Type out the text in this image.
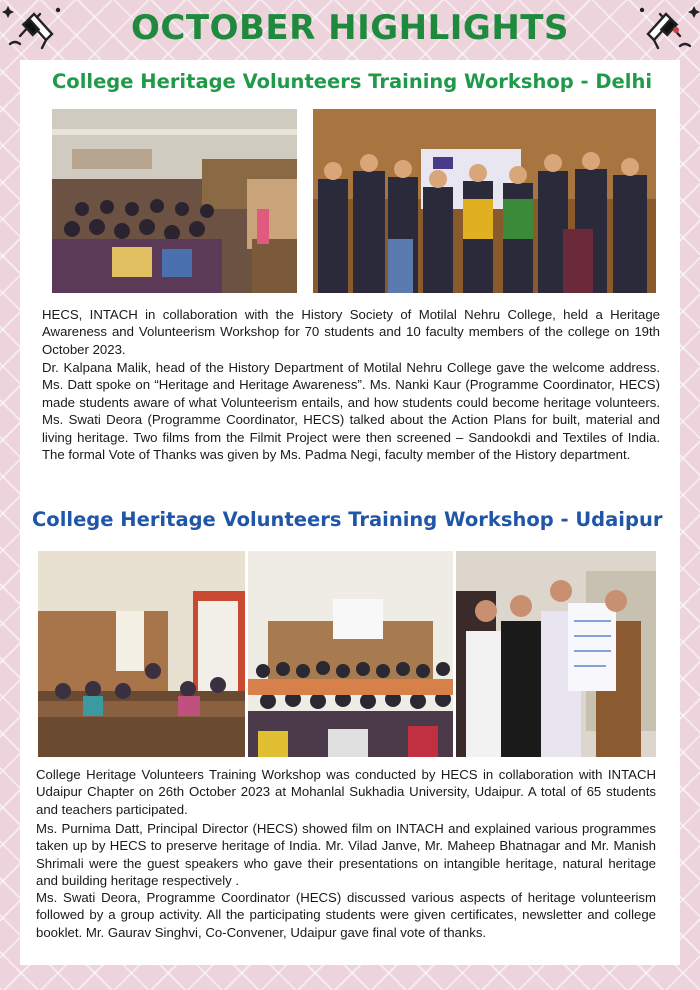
OCTOBER HIGHLIGHTS
College Heritage Volunteers Training Workshop - Delhi

HECS, INTACH in collaboration with the History Society of Motilal Nehru College, held a Heritage Awareness and Volunteerism Workshop for 70 students and 10 faculty members of the college on 19th October 2023.

Dr. Kalpana Malik, head of the History Department of Motilal Nehru College gave the welcome address. Ms. Datt spoke on “Heritage and Heritage Awareness”. Ms. Nanki Kaur (Programme Coordinator, HECS) made students aware of what Volunteerism entails, and how students could become heritage volunteers. Ms. Swati Deora (Programme Coordinator, HECS) talked about the Action Plans for built, material and living heritage. Two films from the Filmit Project were then screened – Sandookdi and Textiles of India. The formal Vote of Thanks was given by Ms. Padma Negi, faculty member of the History department.

College Heritage Volunteers Training Workshop - Udaipur

College Heritage Volunteers Training Workshop was conducted by HECS in collaboration with INTACH Udaipur Chapter on 26th October 2023 at Mohanlal Sukhadia University, Udaipur. A total of 65 students and teachers participated.

Ms. Purnima Datt, Principal Director (HECS) showed film on INTACH and explained various programmes taken up by HECS to preserve heritage of India. Mr. Vilad Janve, Mr. Maheep Bhatnagar and Mr. Manish Shrimali were the guest speakers who gave their presentations on intangible heritage, natural heritage and building heritage respectively .

Ms. Swati Deora, Programme Coordinator (HECS) discussed various aspects of heritage volunteerism followed by a group activity. All the participating students were given certificates, newsletter and college booklet. Mr. Gaurav Singhvi, Co-Convener, Udaipur gave final vote of thanks.
